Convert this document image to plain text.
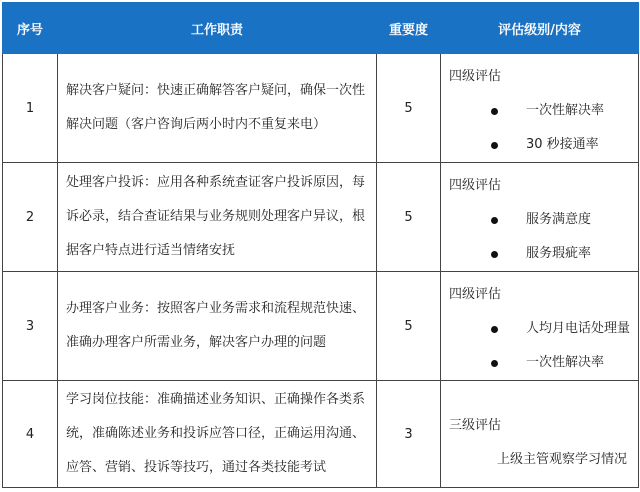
序号	工作职责	重要度	评估级别/内容
1	解决客户疑问：快速正确解答客户疑问，确保一次性解决问题（客户咨询后两小时内不重复来电）	5	四级评估
一次性解决率
30 秒接通率

2	处理客户投诉：应用各种系统查证客户投诉原因，每诉必录，结合查证结果与业务规则处理客户异议，根据客户特点进行适当情绪安抚	5	四级评估
服务满意度
服务瑕疵率

3	办理客户业务：按照客户业务需求和流程规范快速、准确办理客户所需业务，解决客户办理的问题	5	四级评估
人均月电话处理量
一次性解决率

4	学习岗位技能：准确描述业务知识、正确操作各类系统，准确陈述业务和投诉应答口径，正确运用沟通、应答、营销、投诉等技巧，通过各类技能考试	3	三级评估
上级主管观察学习情况
